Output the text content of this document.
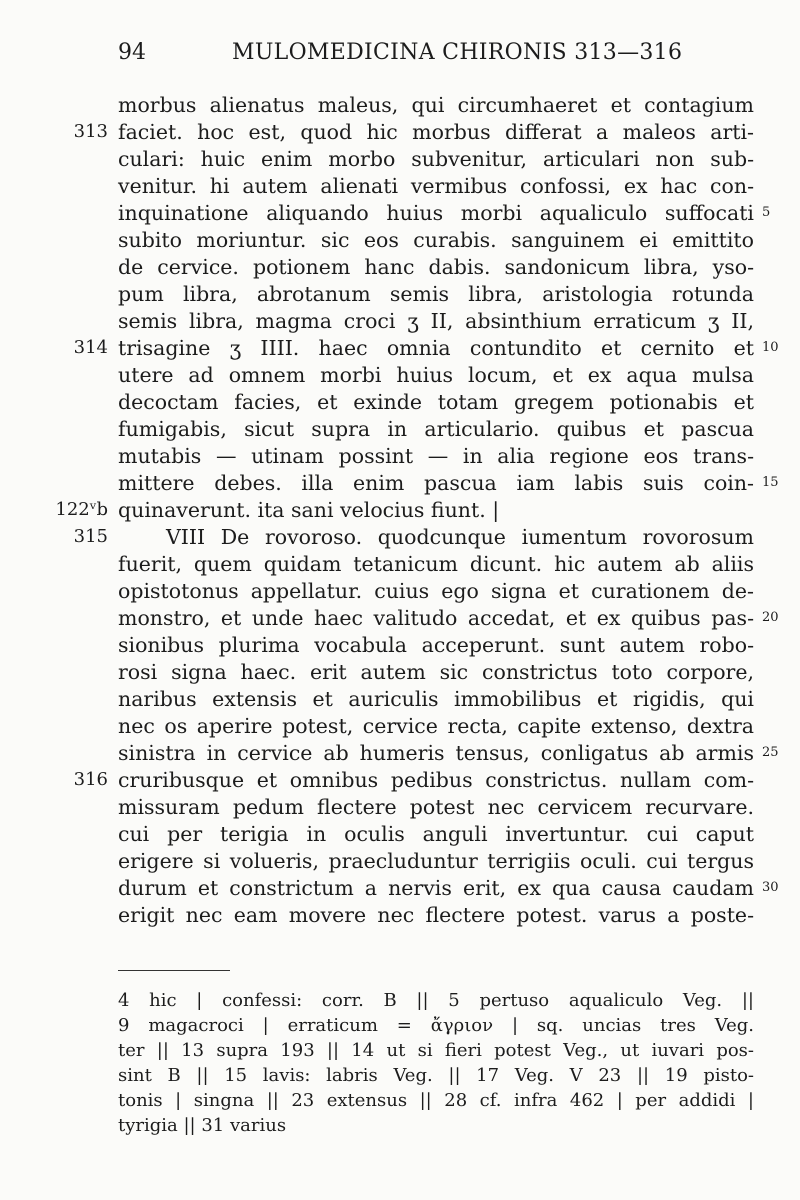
94	MULOMEDICINA CHIRONIS 313—316
morbus alienatus maleus, qui circumhaeret et contagium
faciet. hoc est, quod hic morbus differat a maleos arti-
culari: huic enim morbo subvenitur, articulari non sub-
venitur. hi autem alienati vermibus confossi, ex hac con-
inquinatione aliquando huius morbi aqualiculo suffocati
subito moriuntur. sic eos curabis. sanguinem ei emittito
de cervice. potionem hanc dabis. sandonicum libra, yso-
pum libra, abrotanum semis libra, aristologia rotunda
semis libra, magma croci ʒ II, absinthium erraticum ʒ II,
trisagine ʒ IIII. haec omnia contundito et cernito et
utere ad omnem morbi huius locum, et ex aqua mulsa
decoctam facies, et exinde totam gregem potionabis et
fumigabis, sicut supra in articulario. quibus et pascua
mutabis — utinam possint — in alia regione eos trans-
mittere debes. illa enim pascua iam labis suis coin-
quinaverunt. ita sani velocius fiunt. |
VIII De rovoroso. quodcunque iumentum rovorosum
fuerit, quem quidam tetanicum dicunt. hic autem ab aliis
opistotonus appellatur. cuius ego signa et curationem de-
monstro, et unde haec valitudo accedat, et ex quibus pas-
sionibus plurima vocabula acceperunt. sunt autem robo-
rosi signa haec. erit autem sic constrictus toto corpore,
naribus extensis et auriculis immobilibus et rigidis, qui
nec os aperire potest, cervice recta, capite extenso, dextra
sinistra in cervice ab humeris tensus, conligatus ab armis
cruribusque et omnibus pedibus constrictus. nullam com-
missuram pedum flectere potest nec cervicem recurvare.
cui per terigia in oculis anguli invertuntur. cui caput
erigere si volueris, praecluduntur terrigiis oculi. cui tergus
durum et constrictum a nervis erit, ex qua causa caudam
erigit nec eam movere nec flectere potest. varus a poste-
313
314
122ᵛb
315
316
5
10
15
20
25
30
4 hic | confessi: corr. B || 5 pertuso aqualiculo Veg. ||
9 magacroci | erraticum = ἄγριον | sq. uncias tres Veg.
ter || 13 supra 193 || 14 ut si fieri potest Veg., ut iuvari pos-
sint B || 15 lavis: labris Veg. || 17 Veg. V 23 || 19 pisto-
tonis | singna || 23 extensus || 28 cf. infra 462 | per addidi |
tyrigia || 31 varius
